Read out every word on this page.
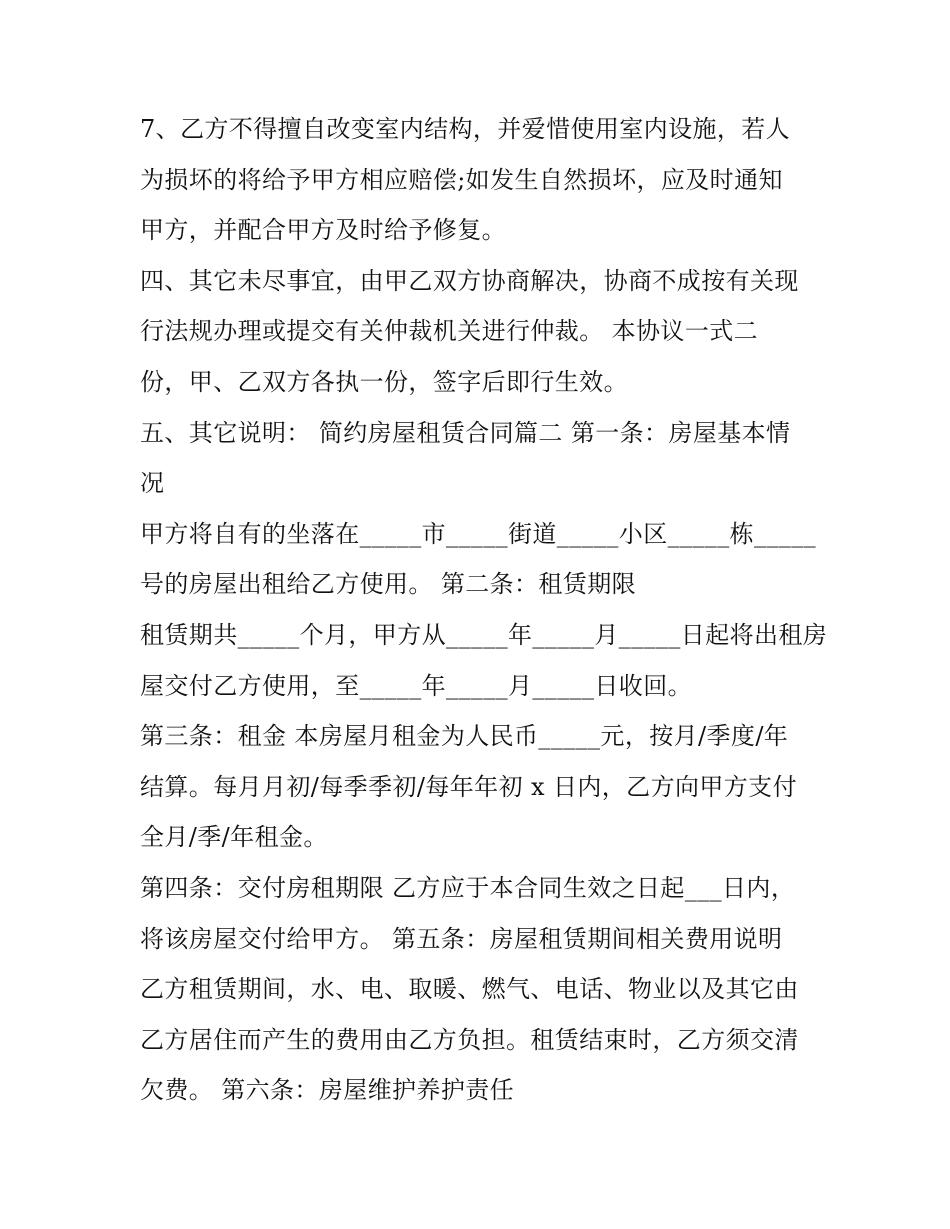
7、乙方不得擅自改变室内结构，并爱惜使用室内设施，若人
为损坏的将给予甲方相应赔偿;如发生自然损坏，应及时通知
甲方，并配合甲方及时给予修复。
四、其它未尽事宜，由甲乙双方协商解决，协商不成按有关现
行法规办理或提交有关仲裁机关进行仲裁。 本协议一式二
份，甲、乙双方各执一份，签字后即行生效。
五、其它说明： 简约房屋租赁合同篇二 第一条：房屋基本情
况
甲方将自有的坐落在_____市_____街道_____小区_____栋_____
号的房屋出租给乙方使用。 第二条：租赁期限
租赁期共_____个月，甲方从_____年_____月_____日起将出租房
屋交付乙方使用，至_____年_____月_____日收回。
第三条：租金 本房屋月租金为人民币_____元，按月/季度/年
结算。每月月初/每季季初/每年年初 x 日内，乙方向甲方支付
全月/季/年租金。
第四条：交付房租期限 乙方应于本合同生效之日起___日内，
将该房屋交付给甲方。 第五条：房屋租赁期间相关费用说明
乙方租赁期间，水、电、取暖、燃气、电话、物业以及其它由
乙方居住而产生的费用由乙方负担。租赁结束时，乙方须交清
欠费。 第六条：房屋维护养护责任
